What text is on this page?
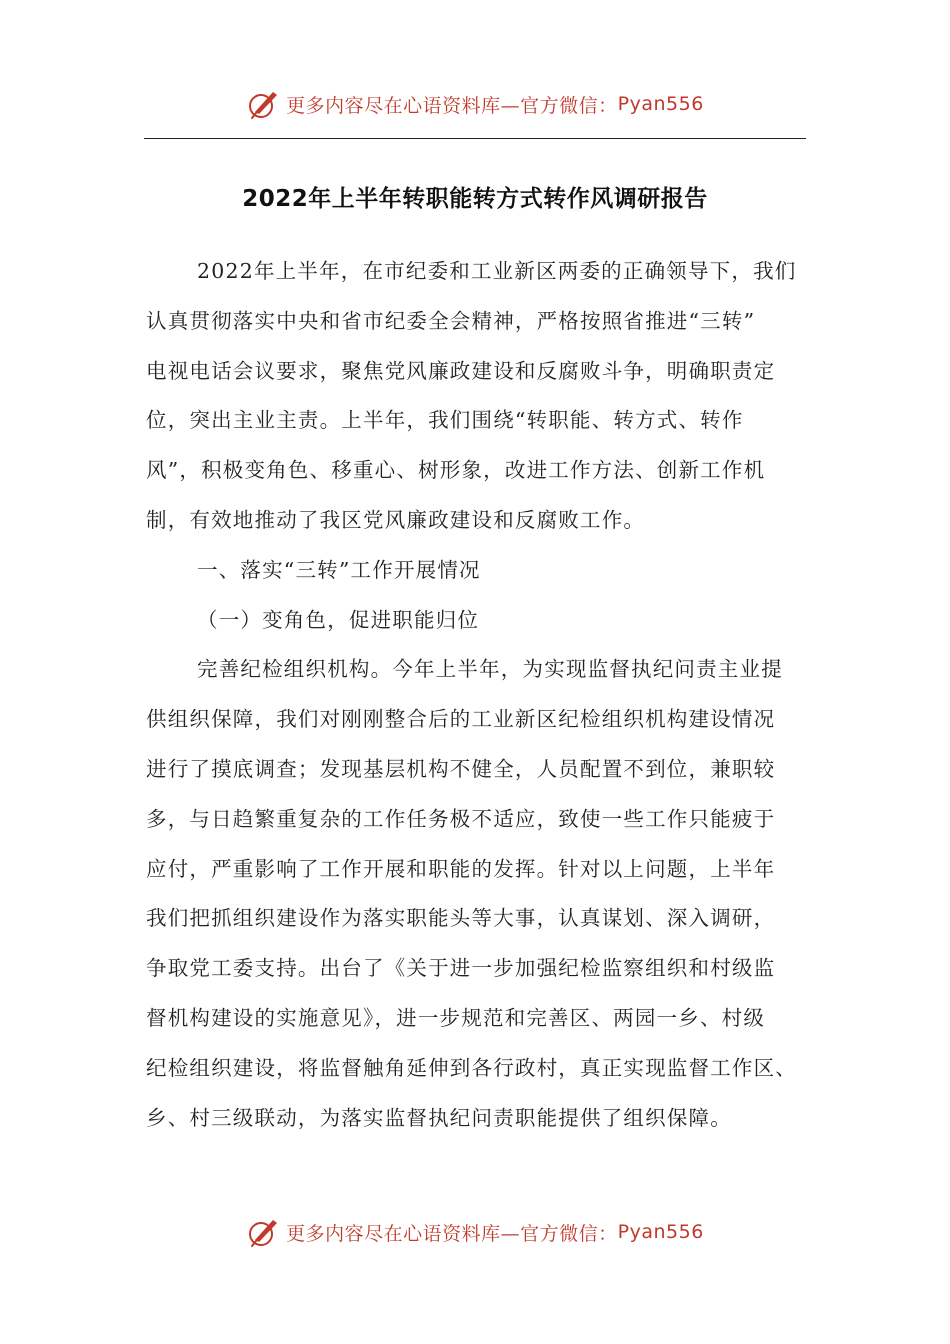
更多内容尽在心语资料库—官方微信： Pyan556
2022年上半年转职能转方式转作风调研报告
2022年上半年，在市纪委和工业新区两委的正确领导下，我们
认真贯彻落实中央和省市纪委全会精神，严格按照省推进“三转”
电视电话会议要求，聚焦党风廉政建设和反腐败斗争，明确职责定
位，突出主业主责。上半年，我们围绕“转职能、转方式、转作
风”，积极变角色、移重心、树形象，改进工作方法、创新工作机
制，有效地推动了我区党风廉政建设和反腐败工作。
一、落实“三转”工作开展情况
（一）变角色，促进职能归位
完善纪检组织机构。今年上半年，为实现监督执纪问责主业提
供组织保障，我们对刚刚整合后的工业新区纪检组织机构建设情况
进行了摸底调查；发现基层机构不健全，人员配置不到位，兼职较
多，与日趋繁重复杂的工作任务极不适应，致使一些工作只能疲于
应付，严重影响了工作开展和职能的发挥。针对以上问题，上半年
我们把抓组织建设作为落实职能头等大事，认真谋划、深入调研，
争取党工委支持。出台了《关于进一步加强纪检监察组织和村级监
督机构建设的实施意见》，进一步规范和完善区、两园一乡、村级
纪检组织建设，将监督触角延伸到各行政村，真正实现监督工作区、
乡、村三级联动，为落实监督执纪问责职能提供了组织保障。
更多内容尽在心语资料库—官方微信： Pyan556
